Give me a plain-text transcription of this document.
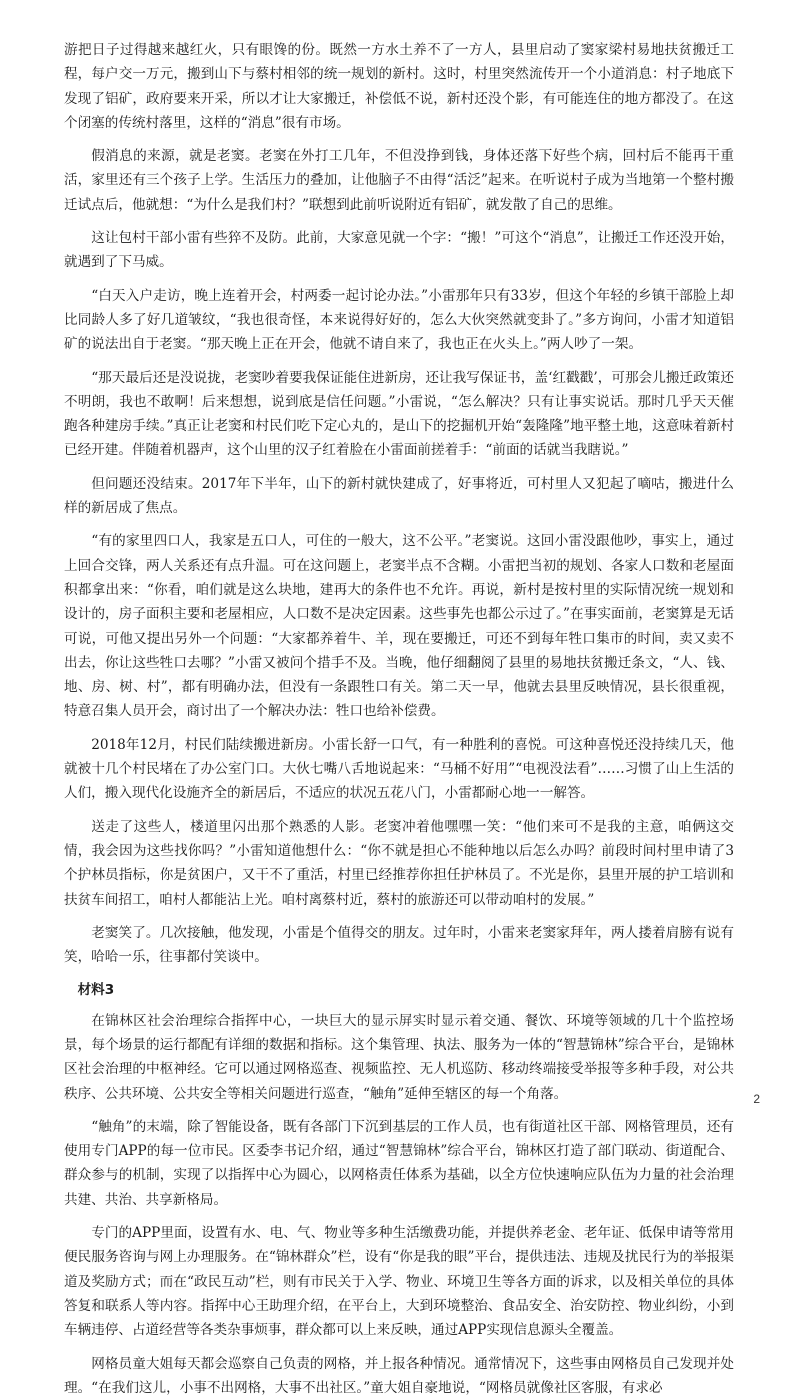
游把日子过得越来越红火，只有眼馋的份。既然一方水土养不了一方人，县里启动了窦家梁村易地扶贫搬迁工程，每户交一万元，搬到山下与蔡村相邻的统一规划的新村。这时，村里突然流传开一个小道消息：村子地底下发现了铝矿，政府要来开采，所以才让大家搬迁，补偿低不说，新村还没个影，有可能连住的地方都没了。在这个闭塞的传统村落里，这样的“消息”很有市场。

假消息的来源，就是老窦。老窦在外打工几年，不但没挣到钱，身体还落下好些个病，回村后不能再干重活，家里还有三个孩子上学。生活压力的叠加，让他脑子不由得“活泛”起来。在听说村子成为当地第一个整村搬迁试点后，他就想：“为什么是我们村？”联想到此前听说附近有铝矿，就发散了自己的思维。

这让包村干部小雷有些猝不及防。此前，大家意见就一个字：“搬！”可这个“消息”，让搬迁工作还没开始，就遇到了下马威。

“白天入户走访，晚上连着开会，村两委一起讨论办法。”小雷那年只有33岁，但这个年轻的乡镇干部脸上却比同龄人多了好几道皱纹，“我也很奇怪，本来说得好好的，怎么大伙突然就变卦了。”多方询问，小雷才知道铝矿的说法出自于老窦。“那天晚上正在开会，他就不请自来了，我也正在火头上。”两人吵了一架。

“那天最后还是没说拢，老窦吵着要我保证能住进新房，还让我写保证书，盖‘红戳戳’，可那会儿搬迁政策还不明朗，我也不敢啊！后来想想，说到底是信任问题。”小雷说，“怎么解决？只有让事实说话。那时几乎天天催跑各种建房手续。”真正让老窦和村民们吃下定心丸的，是山下的挖掘机开始“轰隆隆”地平整土地，这意味着新村已经开建。伴随着机器声，这个山里的汉子红着脸在小雷面前搓着手：“前面的话就当我瞎说。”

但问题还没结束。2017年下半年，山下的新村就快建成了，好事将近，可村里人又犯起了嘀咕，搬进什么样的新居成了焦点。

“有的家里四口人，我家是五口人，可住的一般大，这不公平。”老窦说。这回小雷没跟他吵，事实上，通过上回合交锋，两人关系还有点升温。可在这问题上，老窦半点不含糊。小雷把当初的规划、各家人口数和老屋面积都拿出来：“你看，咱们就是这么块地，建再大的条件也不允许。再说，新村是按村里的实际情况统一规划和设计的，房子面积主要和老屋相应，人口数不是决定因素。这些事先也都公示过了。”在事实面前，老窦算是无话可说，可他又提出另外一个问题：“大家都养着牛、羊，现在要搬迁，可还不到每年牲口集市的时间，卖又卖不出去，你让这些牲口去哪？”小雷又被问个措手不及。当晚，他仔细翻阅了县里的易地扶贫搬迁条文，“人、钱、地、房、树、村”，都有明确办法，但没有一条跟牲口有关。第二天一早，他就去县里反映情况，县长很重视，特意召集人员开会，商讨出了一个解决办法：牲口也给补偿费。

2018年12月，村民们陆续搬进新房。小雷长舒一口气，有一种胜利的喜悦。可这种喜悦还没持续几天，他就被十几个村民堵在了办公室门口。大伙七嘴八舌地说起来：“马桶不好用”“电视没法看”……习惯了山上生活的人们，搬入现代化设施齐全的新居后，不适应的状况五花八门，小雷都耐心地一一解答。

送走了这些人，楼道里闪出那个熟悉的人影。老窦冲着他嘿嘿一笑：“他们来可不是我的主意，咱俩这交情，我会因为这些找你吗？”小雷知道他想什么：“你不就是担心不能种地以后怎么办吗？前段时间村里申请了3个护林员指标，你是贫困户，又干不了重活，村里已经推荐你担任护林员了。不光是你，县里开展的护工培训和扶贫车间招工，咱村人都能沾上光。咱村离蔡村近，蔡村的旅游还可以带动咱村的发展。”

老窦笑了。几次接触，他发现，小雷是个值得交的朋友。过年时，小雷来老窦家拜年，两人搂着肩膀有说有笑，哈哈一乐，往事都付笑谈中。

材料3

在锦林区社会治理综合指挥中心，一块巨大的显示屏实时显示着交通、餐饮、环境等领域的几十个监控场景，每个场景的运行都配有详细的数据和指标。这个集管理、执法、服务为一体的“智慧锦林”综合平台，是锦林区社会治理的中枢神经。它可以通过网格巡查、视频监控、无人机巡防、移动终端接受举报等多种手段，对公共秩序、公共环境、公共安全等相关问题进行巡查，“触角”延伸至辖区的每一个角落。

“触角”的末端，除了智能设备，既有各部门下沉到基层的工作人员，也有街道社区干部、网格管理员，还有使用专门APP的每一位市民。区委李书记介绍，通过“智慧锦林”综合平台，锦林区打造了部门联动、街道配合、群众参与的机制，实现了以指挥中心为圆心，以网格责任体系为基础，以全方位快速响应队伍为力量的社会治理共建、共治、共享新格局。

专门的APP里面，设置有水、电、气、物业等多种生活缴费功能，并提供养老金、老年证、低保申请等常用便民服务咨询与网上办理服务。在“锦林群众”栏，设有“你是我的眼”平台，提供违法、违规及扰民行为的举报渠道及奖励方式；而在“政民互动”栏，则有市民关于入学、物业、环境卫生等各方面的诉求，以及相关单位的具体答复和联系人等内容。指挥中心王助理介绍，在平台上，大到环境整治、食品安全、治安防控、物业纠纷，小到车辆违停、占道经营等各类杂事烦事，群众都可以上来反映，通过APP实现信息源头全覆盖。

网格员童大姐每天都会巡察自己负责的网格，并上报各种情况。通常情况下，这些事由网格员自己发现并处理。“在我们这儿，小事不出网格，大事不出社区。”童大姐自豪地说，“网格员就像社区客服，有求必

2
